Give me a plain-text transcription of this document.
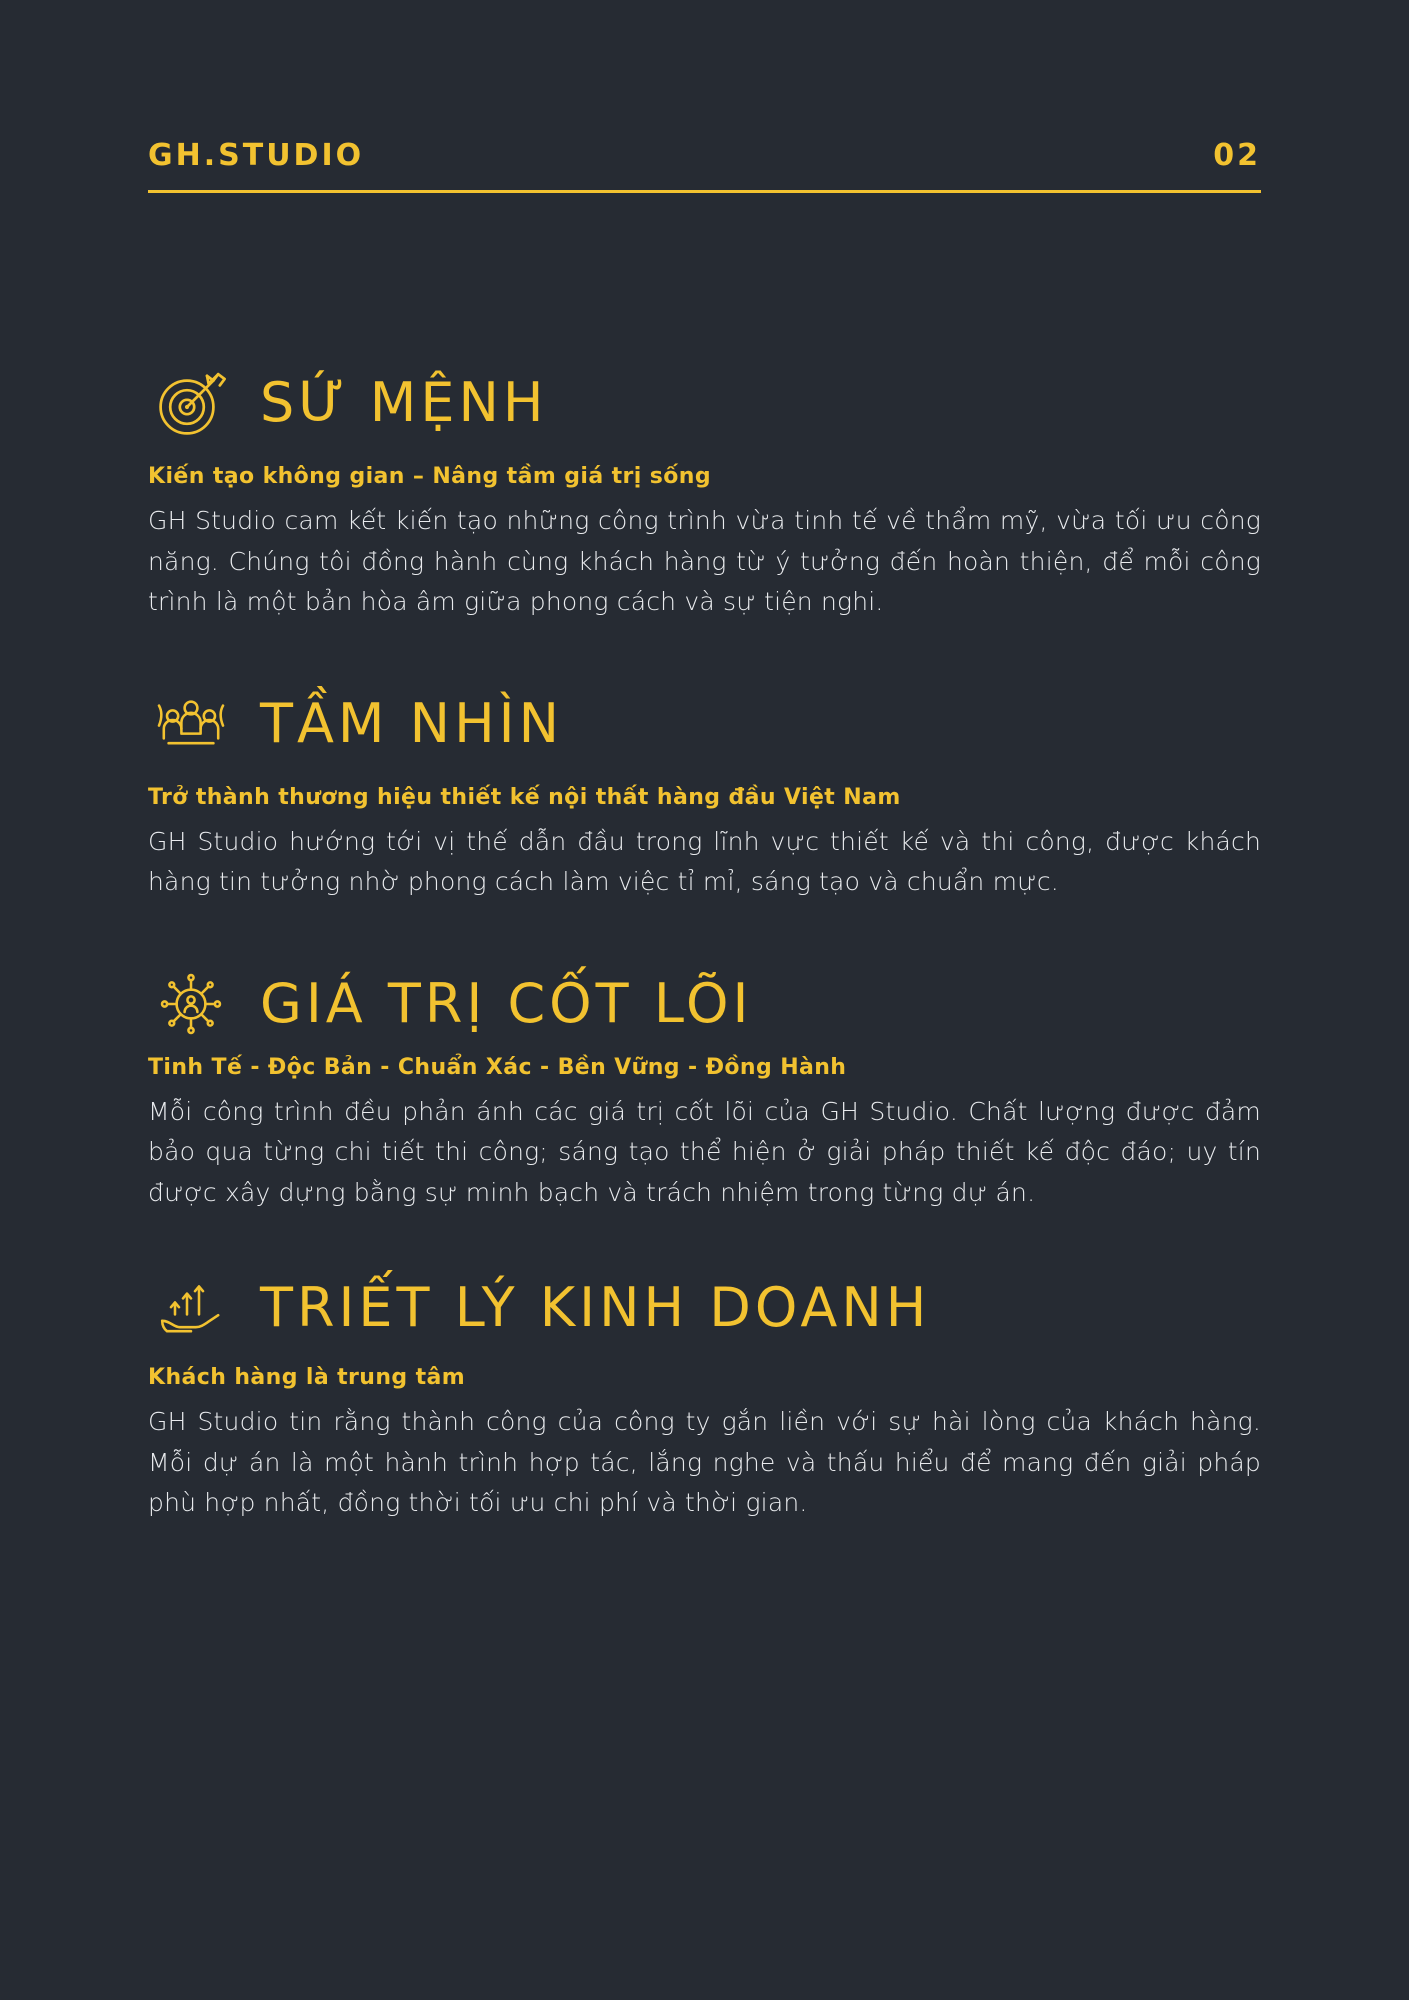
GH.STUDIO	02
SỨ MỆNH
Kiến tạo không gian – Nâng tầm giá trị sống
GH Studio cam kết kiến tạo những công trình vừa tinh tế về thẩm mỹ, vừa tối ưu công năng. Chúng tôi đồng hành cùng khách hàng từ ý tưởng đến hoàn thiện, để mỗi công trình là một bản hòa âm giữa phong cách và sự tiện nghi.
TẦM NHÌN
Trở thành thương hiệu thiết kế nội thất hàng đầu Việt Nam
GH Studio hướng tới vị thế dẫn đầu trong lĩnh vực thiết kế và thi công, được khách hàng tin tưởng nhờ phong cách làm việc tỉ mỉ, sáng tạo và chuẩn mực.
GIÁ TRỊ CỐT LÕI
Tinh Tế - Độc Bản - Chuẩn Xác - Bền Vững - Đồng Hành
Mỗi công trình đều phản ánh các giá trị cốt lõi của GH Studio. Chất lượng được đảm bảo qua từng chi tiết thi công; sáng tạo thể hiện ở giải pháp thiết kế độc đáo; uy tín được xây dựng bằng sự minh bạch và trách nhiệm trong từng dự án.
TRIẾT LÝ KINH DOANH
Khách hàng là trung tâm
GH Studio tin rằng thành công của công ty gắn liền với sự hài lòng của khách hàng. Mỗi dự án là một hành trình hợp tác, lắng nghe và thấu hiểu để mang đến giải pháp phù hợp nhất, đồng thời tối ưu chi phí và thời gian.
